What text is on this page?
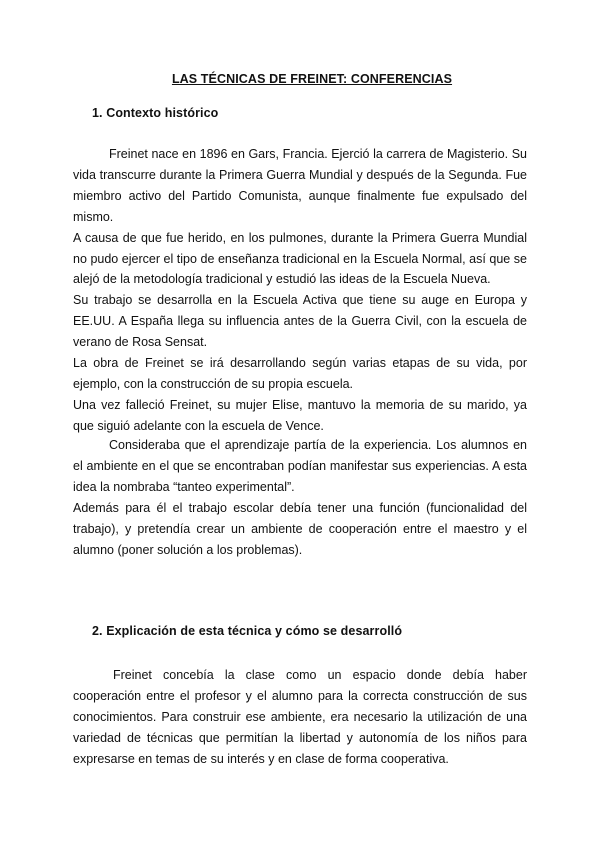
LAS TÉCNICAS DE FREINET: CONFERENCIAS
1. Contexto histórico

Freinet nace en 1896 en Gars, Francia. Ejerció la carrera de Magisterio. Su vida transcurre durante la Primera Guerra Mundial y después de la Segunda. Fue miembro activo del Partido Comunista, aunque finalmente fue expulsado del mismo.

A causa de que fue herido, en los pulmones, durante la Primera Guerra Mundial no pudo ejercer el tipo de enseñanza tradicional en la Escuela Normal, así que se alejó de la metodología tradicional y estudió las ideas de la Escuela Nueva.

Su trabajo se desarrolla en la Escuela Activa que tiene su auge en Europa y EE.UU. A España llega su influencia antes de la Guerra Civil, con la escuela de verano de Rosa Sensat.

La obra de Freinet se irá desarrollando según varias etapas de su vida, por ejemplo, con la construcción de su propia escuela.

Una vez falleció Freinet, su mujer Elise, mantuvo la memoria de su marido, ya que siguió adelante con la escuela de Vence.

Consideraba que el aprendizaje partía de la experiencia. Los alumnos en el ambiente en el que se encontraban podían manifestar sus experiencias. A esta idea la nombraba “tanteo experimental”.

Además para él el trabajo escolar debía tener una función (funcionalidad del trabajo), y pretendía crear un ambiente de cooperación entre el maestro y el alumno (poner solución a los problemas).

2. Explicación de esta técnica y cómo se desarrolló

Freinet concebía la clase como un espacio donde debía haber cooperación entre el profesor y el alumno para la correcta construcción de sus conocimientos. Para construir ese ambiente, era necesario la utilización de una variedad de técnicas que permitían la libertad y autonomía de los niños para expresarse en temas de su interés y en clase de forma cooperativa.
